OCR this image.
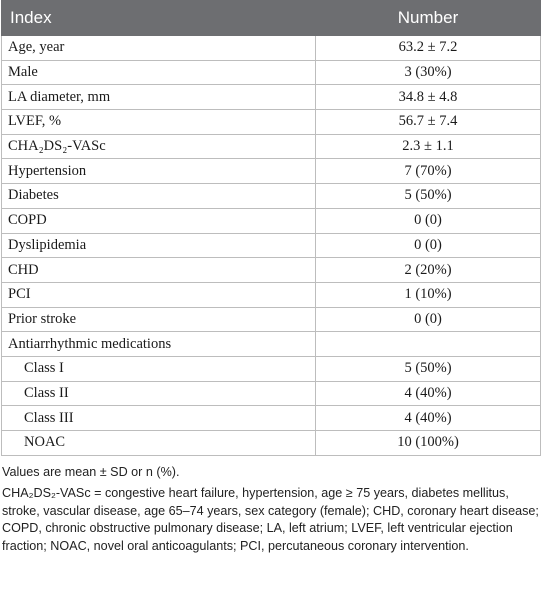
Index	Number
Age, year	63.2 ± 7.2
Male	3 (30%)
LA diameter, mm	34.8 ± 4.8
LVEF, %	56.7 ± 7.4
CHA₂DS₂-VASc	2.3 ± 1.1
Hypertension	7 (70%)
Diabetes	5 (50%)
COPD	0 (0)
Dyslipidemia	0 (0)
CHD	2 (20%)
PCI	1 (10%)
Prior stroke	0 (0)
Antiarrhythmic medications	
Class I	5 (50%)
Class II	4 (40%)
Class III	4 (40%)
NOAC	10 (100%)

Values are mean ± SD or n (%).

CHA₂DS₂-VASc = congestive heart failure, hypertension, age ≥ 75 years, diabetes mellitus, stroke, vascular disease, age 65–74 years, sex category (female); CHD, coronary heart disease; COPD, chronic obstructive pulmonary disease; LA, left atrium; LVEF, left ventricular ejection fraction; NOAC, novel oral anticoagulants; PCI, percutaneous coronary intervention.
